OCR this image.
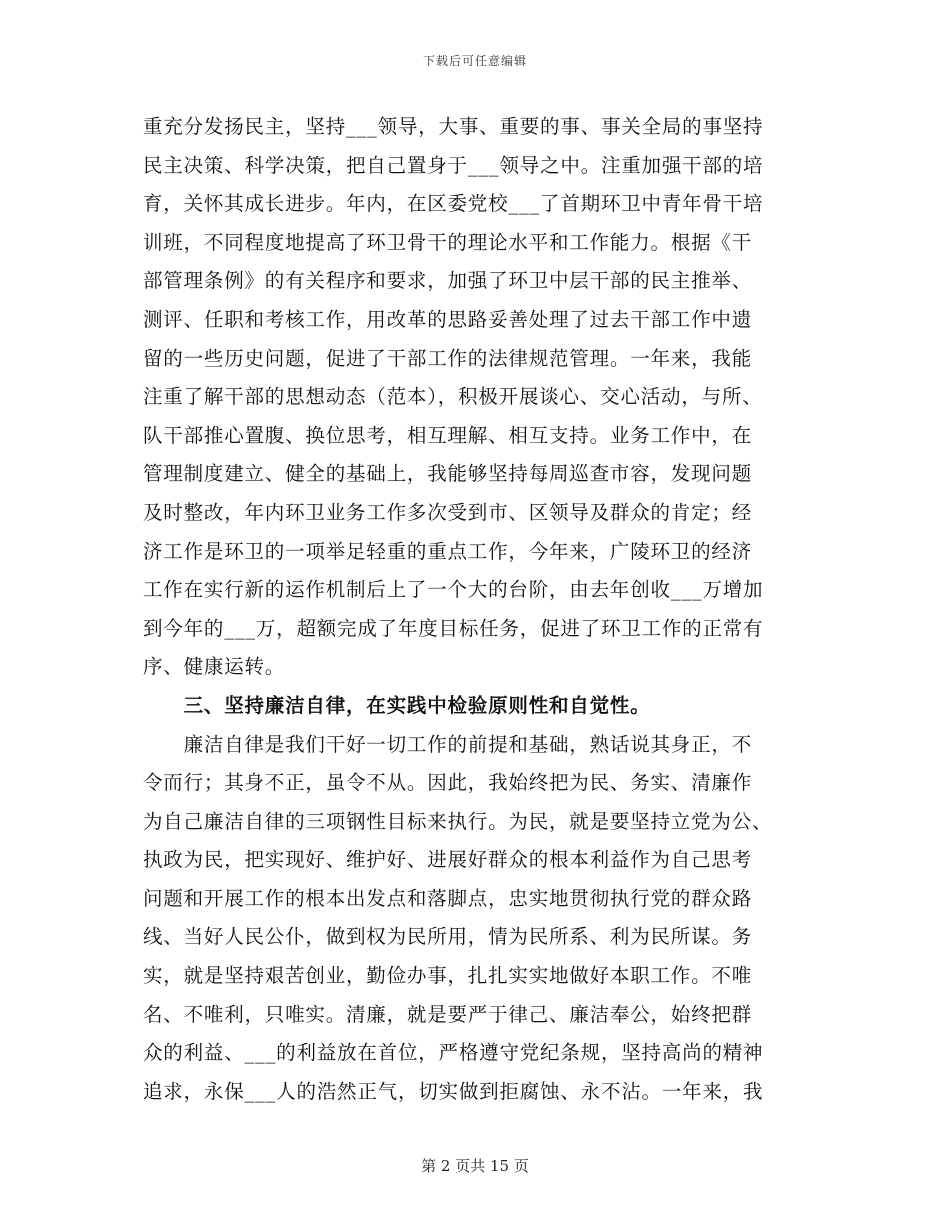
下载后可任意编辑
重充分发扬民主，坚持___领导，大事、重要的事、事关全局的事坚持
民主决策、科学决策，把自己置身于___领导之中。注重加强干部的培
育，关怀其成长进步。年内，在区委党校___了首期环卫中青年骨干培
训班，不同程度地提高了环卫骨干的理论水平和工作能力。根据《干
部管理条例》的有关程序和要求，加强了环卫中层干部的民主推举、
测评、任职和考核工作，用改革的思路妥善处理了过去干部工作中遗
留的一些历史问题，促进了干部工作的法律规范管理。一年来，我能
注重了解干部的思想动态（范本），积极开展谈心、交心活动，与所、
队干部推心置腹、换位思考，相互理解、相互支持。业务工作中，在
管理制度建立、健全的基础上，我能够坚持每周巡查市容，发现问题
及时整改，年内环卫业务工作多次受到市、区领导及群众的肯定；经
济工作是环卫的一项举足轻重的重点工作，今年来，广陵环卫的经济
工作在实行新的运作机制后上了一个大的台阶，由去年创收___万增加
到今年的___万，超额完成了年度目标任务，促进了环卫工作的正常有
序、健康运转。
　　三、坚持廉洁自律，在实践中检验原则性和自觉性。
　　廉洁自律是我们干好一切工作的前提和基础，熟话说其身正，不
令而行；其身不正，虽令不从。因此，我始终把为民、务实、清廉作
为自己廉洁自律的三项钢性目标来执行。为民，就是要坚持立党为公、
执政为民，把实现好、维护好、进展好群众的根本利益作为自己思考
问题和开展工作的根本出发点和落脚点，忠实地贯彻执行党的群众路
线、当好人民公仆，做到权为民所用，情为民所系、利为民所谋。务
实，就是坚持艰苦创业，勤俭办事，扎扎实实地做好本职工作。不唯
名、不唯利，只唯实。清廉，就是要严于律己、廉洁奉公，始终把群
众的利益、___的利益放在首位，严格遵守党纪条规，坚持高尚的精神
追求，永保___人的浩然正气，切实做到拒腐蚀、永不沾。一年来，我
第 2 页共 15 页
